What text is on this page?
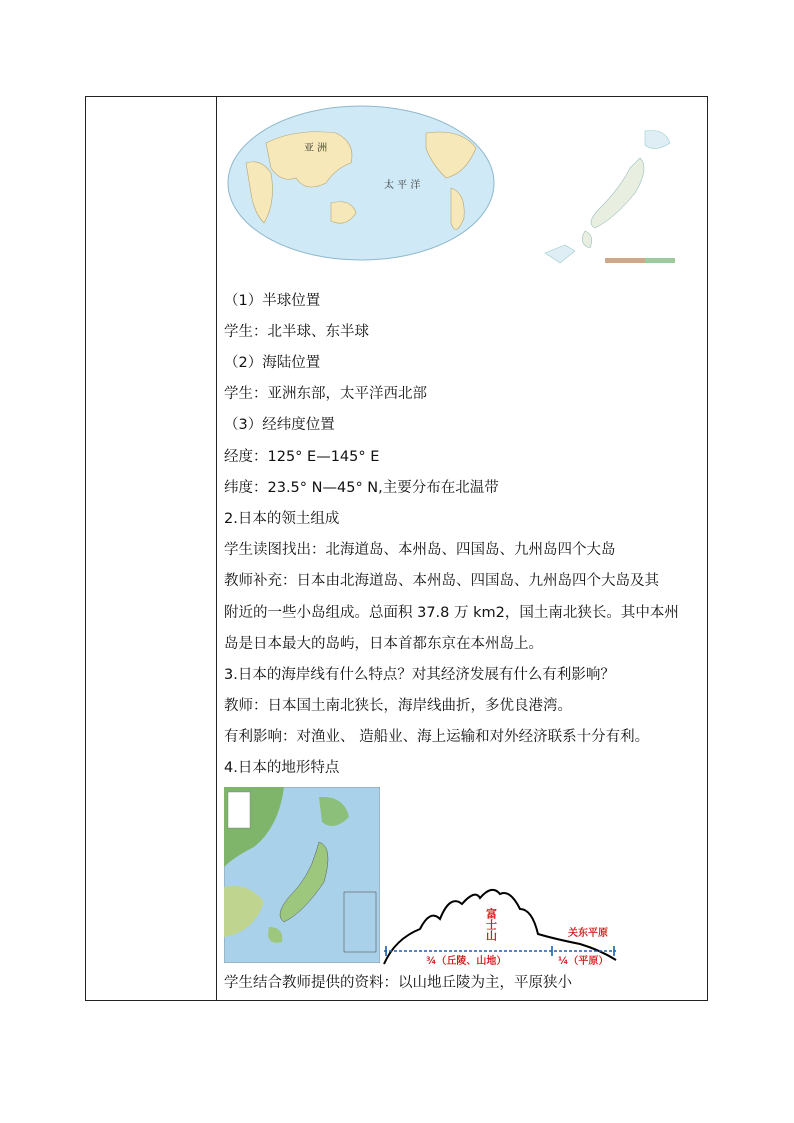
亚 洲
太 平 洋
富士山	关东平原
¾（丘陵、山地）	¼（平原）
（1）半球位置
学生：北半球、东半球
（2）海陆位置
学生：亚洲东部，太平洋西北部
（3）经纬度位置
经度：125° E—145° E
纬度：23.5° N—45° N,主要分布在北温带
2.日本的领土组成
学生读图找出：北海道岛、本州岛、四国岛、九州岛四个大岛
教师补充：日本由北海道岛、本州岛、四国岛、九州岛四个大岛及其
附近的一些小岛组成。总面积 37.8 万 km2，国土南北狭长。其中本州
岛是日本最大的岛屿，日本首都东京在本州岛上。
3.日本的海岸线有什么特点？对其经济发展有什么有利影响？
教师：日本国土南北狭长，海岸线曲折，多优良港湾。
有利影响：对渔业、 造船业、海上运输和对外经济联系十分有利。
4.日本的地形特点
学生结合教师提供的资料：以山地丘陵为主，平原狭小
